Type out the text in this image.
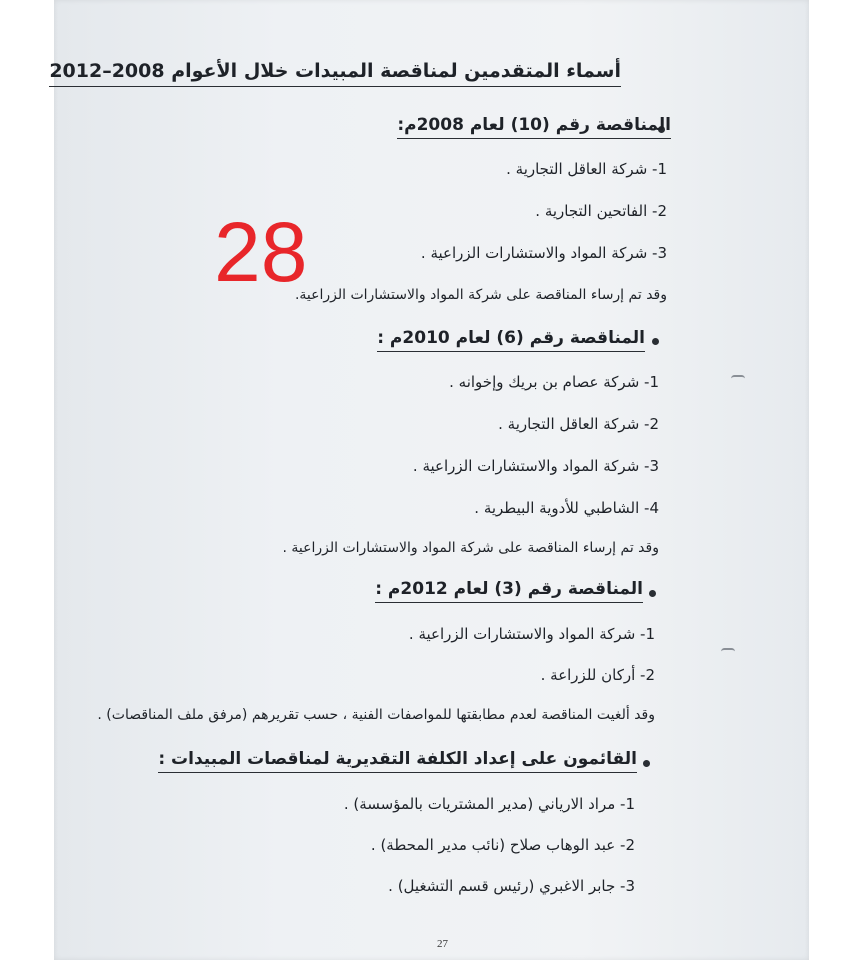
أسماء المتقدمين لمناقصة المبيدات خلال الأعوام 2008–2012
28
المناقصة رقم (10) لعام 2008م:
1- شركة العاقل التجارية .
2- الفاتحين التجارية .
3- شركة المواد والاستشارات الزراعية .
وقد تم إرساء المناقصة على شركة المواد والاستشارات الزراعية.
المناقصة رقم (6) لعام 2010م :
1- شركة عصام بن بريك وإخوانه .
2- شركة العاقل التجارية .
3- شركة المواد والاستشارات الزراعية .
4- الشاطبي للأدوية البيطرية .
وقد تم إرساء المناقصة على شركة المواد والاستشارات الزراعية .
المناقصة رقم (3) لعام 2012م :
1- شركة المواد والاستشارات الزراعية .
2- أركان للزراعة .
وقد ألغيت المناقصة لعدم مطابقتها للمواصفات الفنية ، حسب تقريرهم (مرفق ملف المناقصات) .
القائمون على إعداد الكلفة التقديرية لمناقصات المبيدات :
1- مراد الارياني (مدير المشتريات بالمؤسسة) .
2- عبد الوهاب صلاح (نائب مدير المحطة) .
3- جابر الاغبري (رئيس قسم التشغيل) .
27
